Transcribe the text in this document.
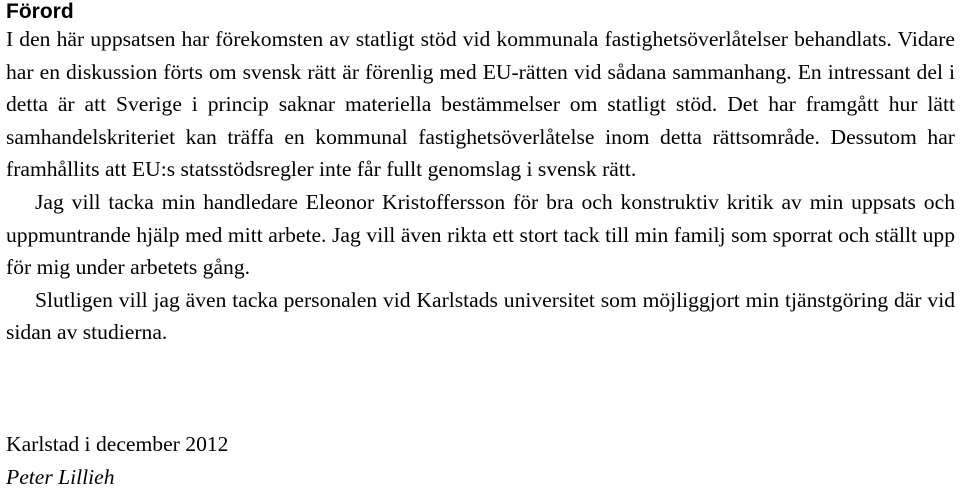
Förord

I den här uppsatsen har förekomsten av statligt stöd vid kommunala fastighetsöverlåtelser behandlats. Vidare har en diskussion förts om svensk rätt är förenlig med EU-rätten vid sådana sammanhang. En intressant del i detta är att Sverige i princip saknar materiella bestämmelser om statligt stöd. Det har framgått hur lätt samhandelskriteriet kan träffa en kommunal fastighetsöverlåtelse inom detta rättsområde. Dessutom har framhållits att EU:s statsstödsregler inte får fullt genomslag i svensk rätt.

Jag vill tacka min handledare Eleonor Kristoffersson för bra och konstruktiv kritik av min uppsats och uppmuntrande hjälp med mitt arbete. Jag vill även rikta ett stort tack till min familj som sporrat och ställt upp för mig under arbetets gång.

Slutligen vill jag även tacka personalen vid Karlstads universitet som möjliggjort min tjänstgöring där vid sidan av studierna.

Karlstad i december 2012

Peter Lillieh
